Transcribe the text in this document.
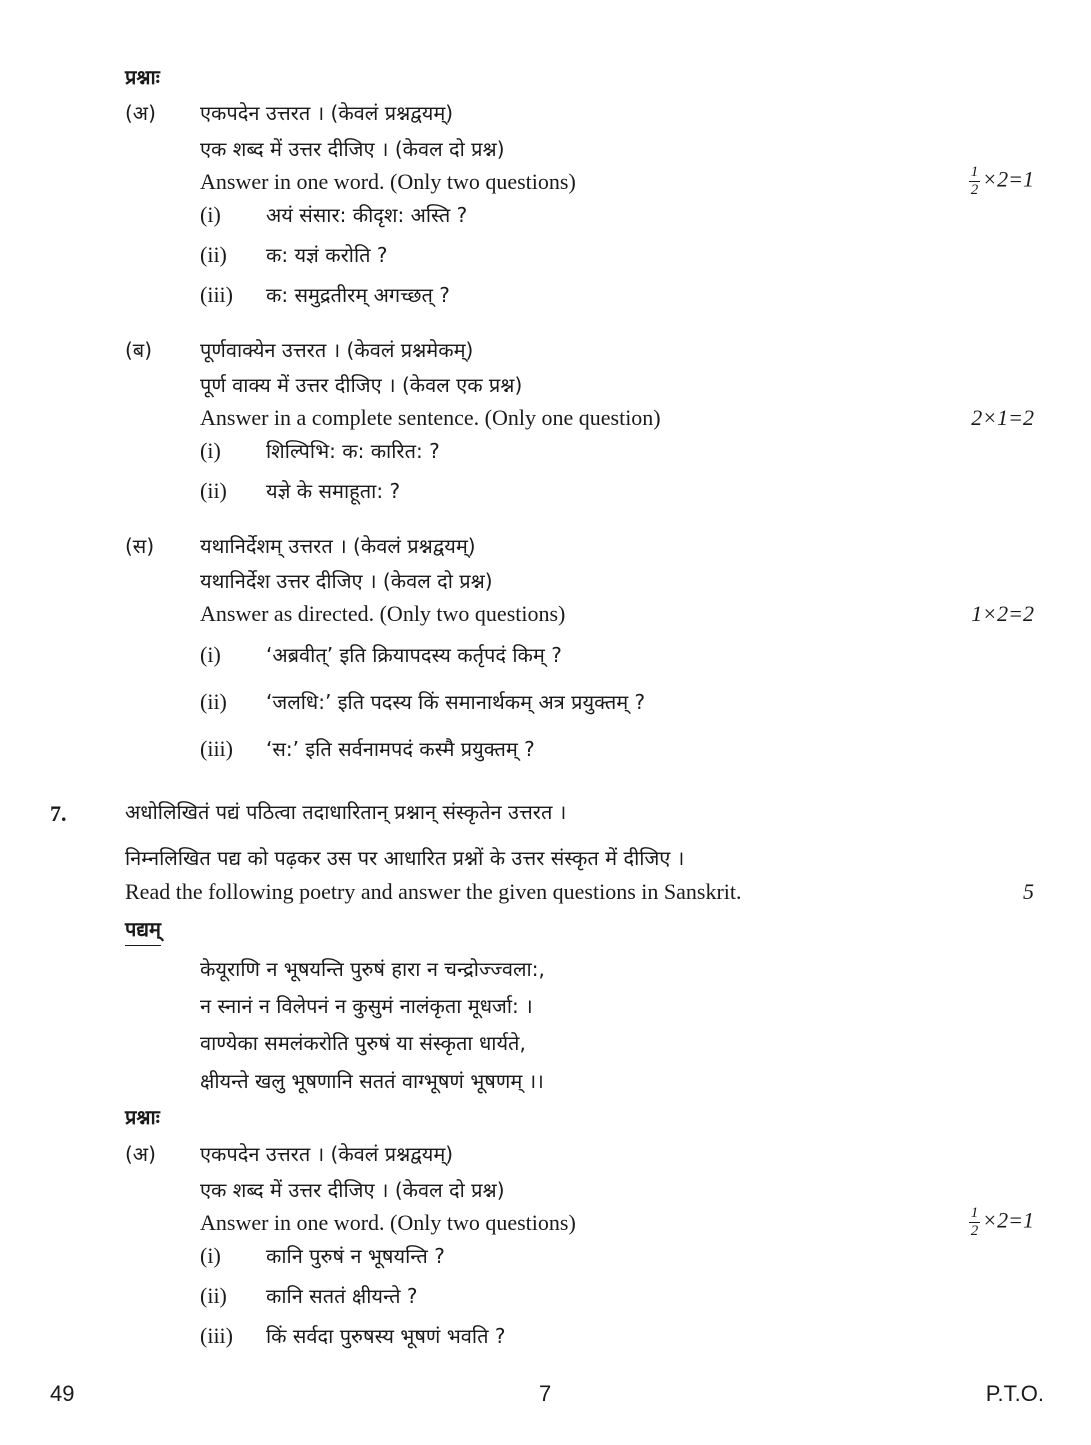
प्रश्नाः
(अ) एकपदेन उत्तरत । (केवलं प्रश्नद्वयम्)
एक शब्द में उत्तर दीजिए । (केवल दो प्रश्न)
Answer in one word. (Only two questions)	$\frac{1}{2} \times 2=1$
(i) अयं संसार: कीदृश: अस्ति ?
(ii) क: यज्ञं करोति ?
(iii) क: समुद्रतीरम् अगच्छत् ?
(ब) पूर्णवाक्येन उत्तरत । (केवलं प्रश्नमेकम्)
पूर्ण वाक्य में उत्तर दीजिए । (केवल एक प्रश्न)
Answer in a complete sentence. (Only one question)	2×1=2
(i) शिल्पिभि: क: कारित: ?
(ii) यज्ञे के समाहूता: ?
(स) यथानिर्देशम् उत्तरत । (केवलं प्रश्नद्वयम्)
यथानिर्देश उत्तर दीजिए । (केवल दो प्रश्न)
Answer as directed. (Only two questions)	1×2=2
(i) ‘अब्रवीत्’ इति क्रियापदस्य कर्तृपदं किम् ?
(ii) ‘जलधि:’ इति पदस्य किं समानार्थकम् अत्र प्रयुक्तम् ?
(iii) ‘स:’ इति सर्वनामपदं कस्मै प्रयुक्तम् ?
7.	अधोलिखितं पद्यं पठित्वा तदाधारितान् प्रश्नान् संस्कृतेन उत्तरत ।
निम्नलिखित पद्य को पढ़कर उस पर आधारित प्रश्नों के उत्तर संस्कृत में दीजिए ।
Read the following poetry and answer the given questions in Sanskrit.	5
पद्यम्
केयूराणि न भूषयन्ति पुरुषं हारा न चन्द्रोज्ज्वला:,
न स्नानं न विलेपनं न कुसुमं नालंकृता मूधर्जा: ।
वाण्येका समलंकरोति पुरुषं या संस्कृता धार्यते,
क्षीयन्ते खलु भूषणानि सततं वाग्भूषणं भूषणम् ।।
प्रश्नाः
(अ) एकपदेन उत्तरत । (केवलं प्रश्नद्वयम्)
एक शब्द में उत्तर दीजिए । (केवल दो प्रश्न)
Answer in one word. (Only two questions)	$\frac{1}{2} \times 2=1$
(i) कानि पुरुषं न भूषयन्ति ?
(ii) कानि सततं क्षीयन्ते ?
(iii) किं सर्वदा पुरुषस्य भूषणं भवति ?
49	7	P.T.O.
